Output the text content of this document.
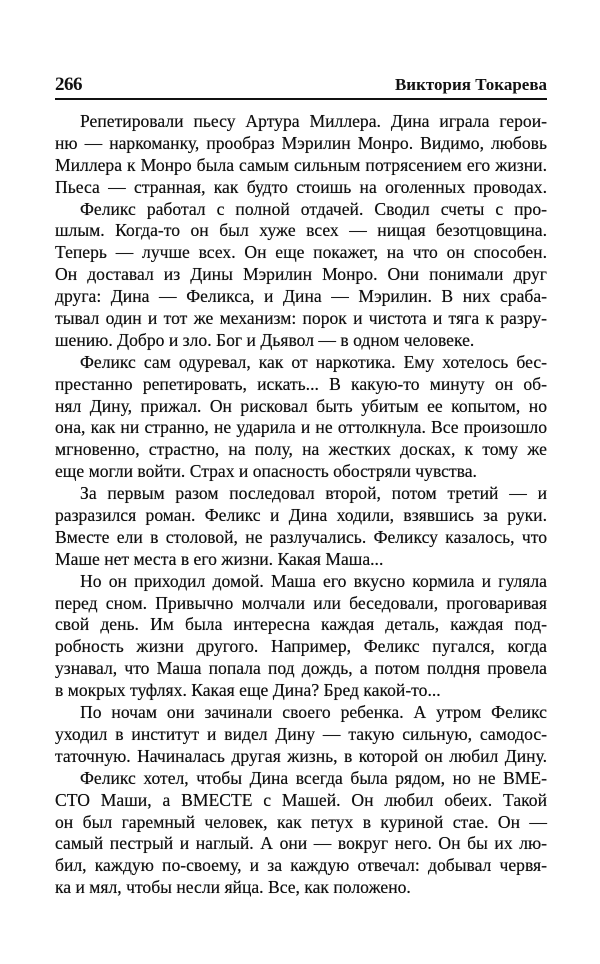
266	Виктория Токарева
Репетировали пьесу Артура Миллера. Дина играла герои-
ню — наркоманку, прообраз Мэрилин Монро. Видимо, любовь
Миллера к Монро была самым сильным потрясением его жизни.
Пьеса — странная, как будто стоишь на оголенных проводах.
Феликс работал с полной отдачей. Сводил счеты с про-
шлым. Когда-то он был хуже всех — нищая безотцовщина.
Теперь — лучше всех. Он еще покажет, на что он способен.
Он доставал из Дины Мэрилин Монро. Они понимали друг
друга: Дина — Феликса, и Дина — Мэрилин. В них сраба-
тывал один и тот же механизм: порок и чистота и тяга к разру-
шению. Добро и зло. Бог и Дьявол — в одном человеке.
Феликс сам одуревал, как от наркотика. Ему хотелось бес-
престанно репетировать, искать... В какую-то минуту он об-
нял Дину, прижал. Он рисковал быть убитым ее копытом, но
она, как ни странно, не ударила и не оттолкнула. Все произошло
мгновенно, страстно, на полу, на жестких досках, к тому же
еще могли войти. Страх и опасность обостряли чувства.
За первым разом последовал второй, потом третий — и
разразился роман. Феликс и Дина ходили, взявшись за руки.
Вместе ели в столовой, не разлучались. Феликсу казалось, что
Маше нет места в его жизни. Какая Маша...
Но он приходил домой. Маша его вкусно кормила и гуляла
перед сном. Привычно молчали или беседовали, проговаривая
свой день. Им была интересна каждая деталь, каждая под-
робность жизни другого. Например, Феликс пугался, когда
узнавал, что Маша попала под дождь, а потом полдня провела
в мокрых туфлях. Какая еще Дина? Бред какой-то...
По ночам они зачинали своего ребенка. А утром Феликс
уходил в институт и видел Дину — такую сильную, самодос-
таточную. Начиналась другая жизнь, в которой он любил Дину.
Феликс хотел, чтобы Дина всегда была рядом, но не ВМЕ-
СТО Маши, а ВМЕСТЕ с Машей. Он любил обеих. Такой
он был гаремный человек, как петух в куриной стае. Он —
самый пестрый и наглый. А они — вокруг него. Он бы их лю-
бил, каждую по-своему, и за каждую отвечал: добывал червя-
ка и мял, чтобы несли яйца. Все, как положено.
